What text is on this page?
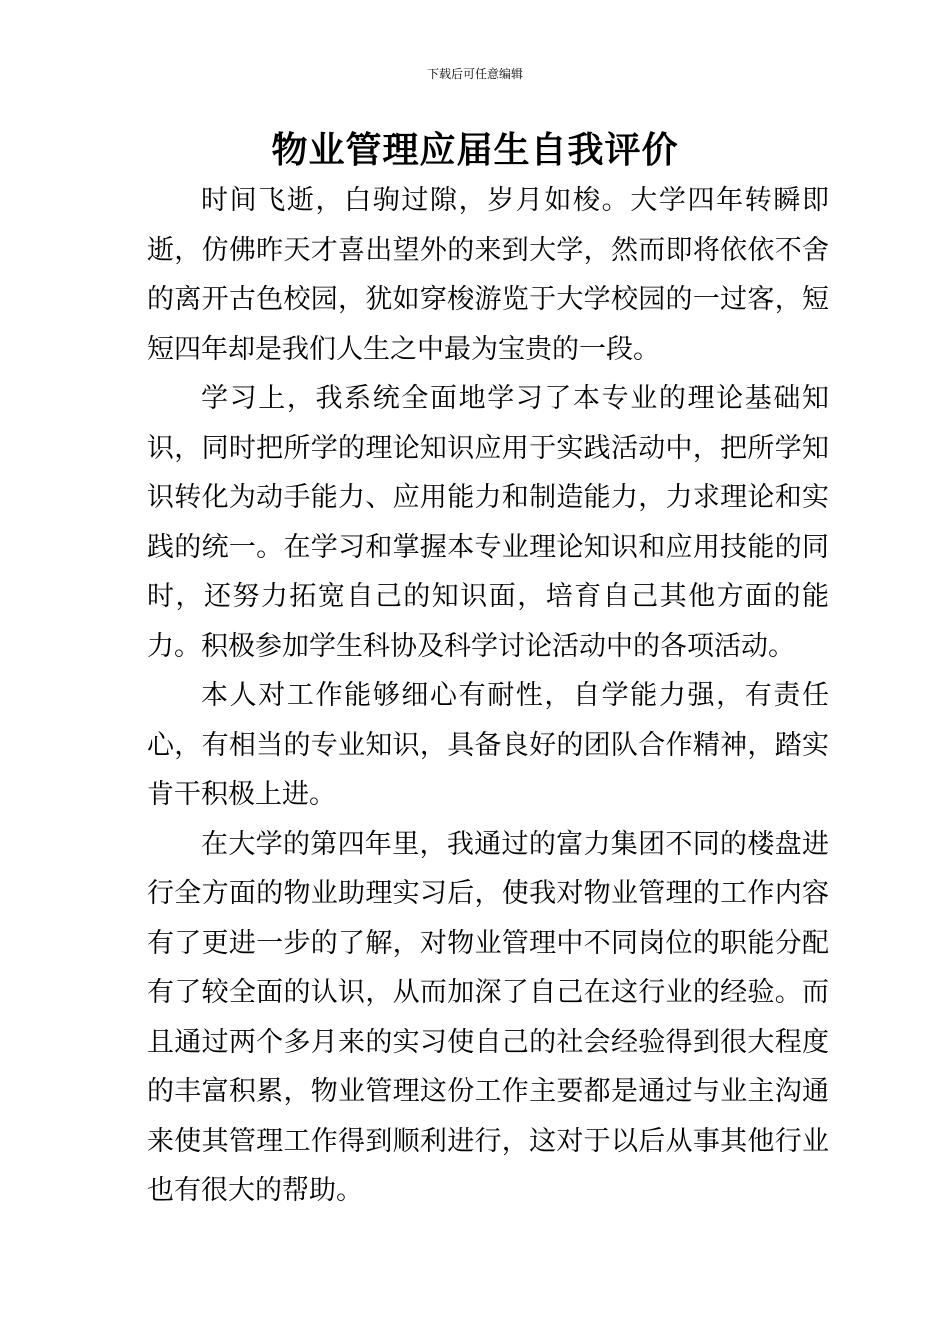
下载后可任意编辑
物业管理应届生自我评价

时间飞逝，白驹过隙，岁月如梭。大学四年转瞬即逝，仿佛昨天才喜出望外的来到大学，然而即将依依不舍的离开古色校园，犹如穿梭游览于大学校园的一过客，短短四年却是我们人生之中最为宝贵的一段。

学习上，我系统全面地学习了本专业的理论基础知识，同时把所学的理论知识应用于实践活动中，把所学知识转化为动手能力、应用能力和制造能力，力求理论和实践的统一。在学习和掌握本专业理论知识和应用技能的同时，还努力拓宽自己的知识面，培育自己其他方面的能力。积极参加学生科协及科学讨论活动中的各项活动。

本人对工作能够细心有耐性，自学能力强，有责任心，有相当的专业知识，具备良好的团队合作精神，踏实肯干积极上进。

在大学的第四年里，我通过的富力集团不同的楼盘进行全方面的物业助理实习后，使我对物业管理的工作内容有了更进一步的了解，对物业管理中不同岗位的职能分配有了较全面的认识，从而加深了自己在这行业的经验。而且通过两个多月来的实习使自己的社会经验得到很大程度的丰富积累，物业管理这份工作主要都是通过与业主沟通来使其管理工作得到顺利进行，这对于以后从事其他行业也有很大的帮助。
